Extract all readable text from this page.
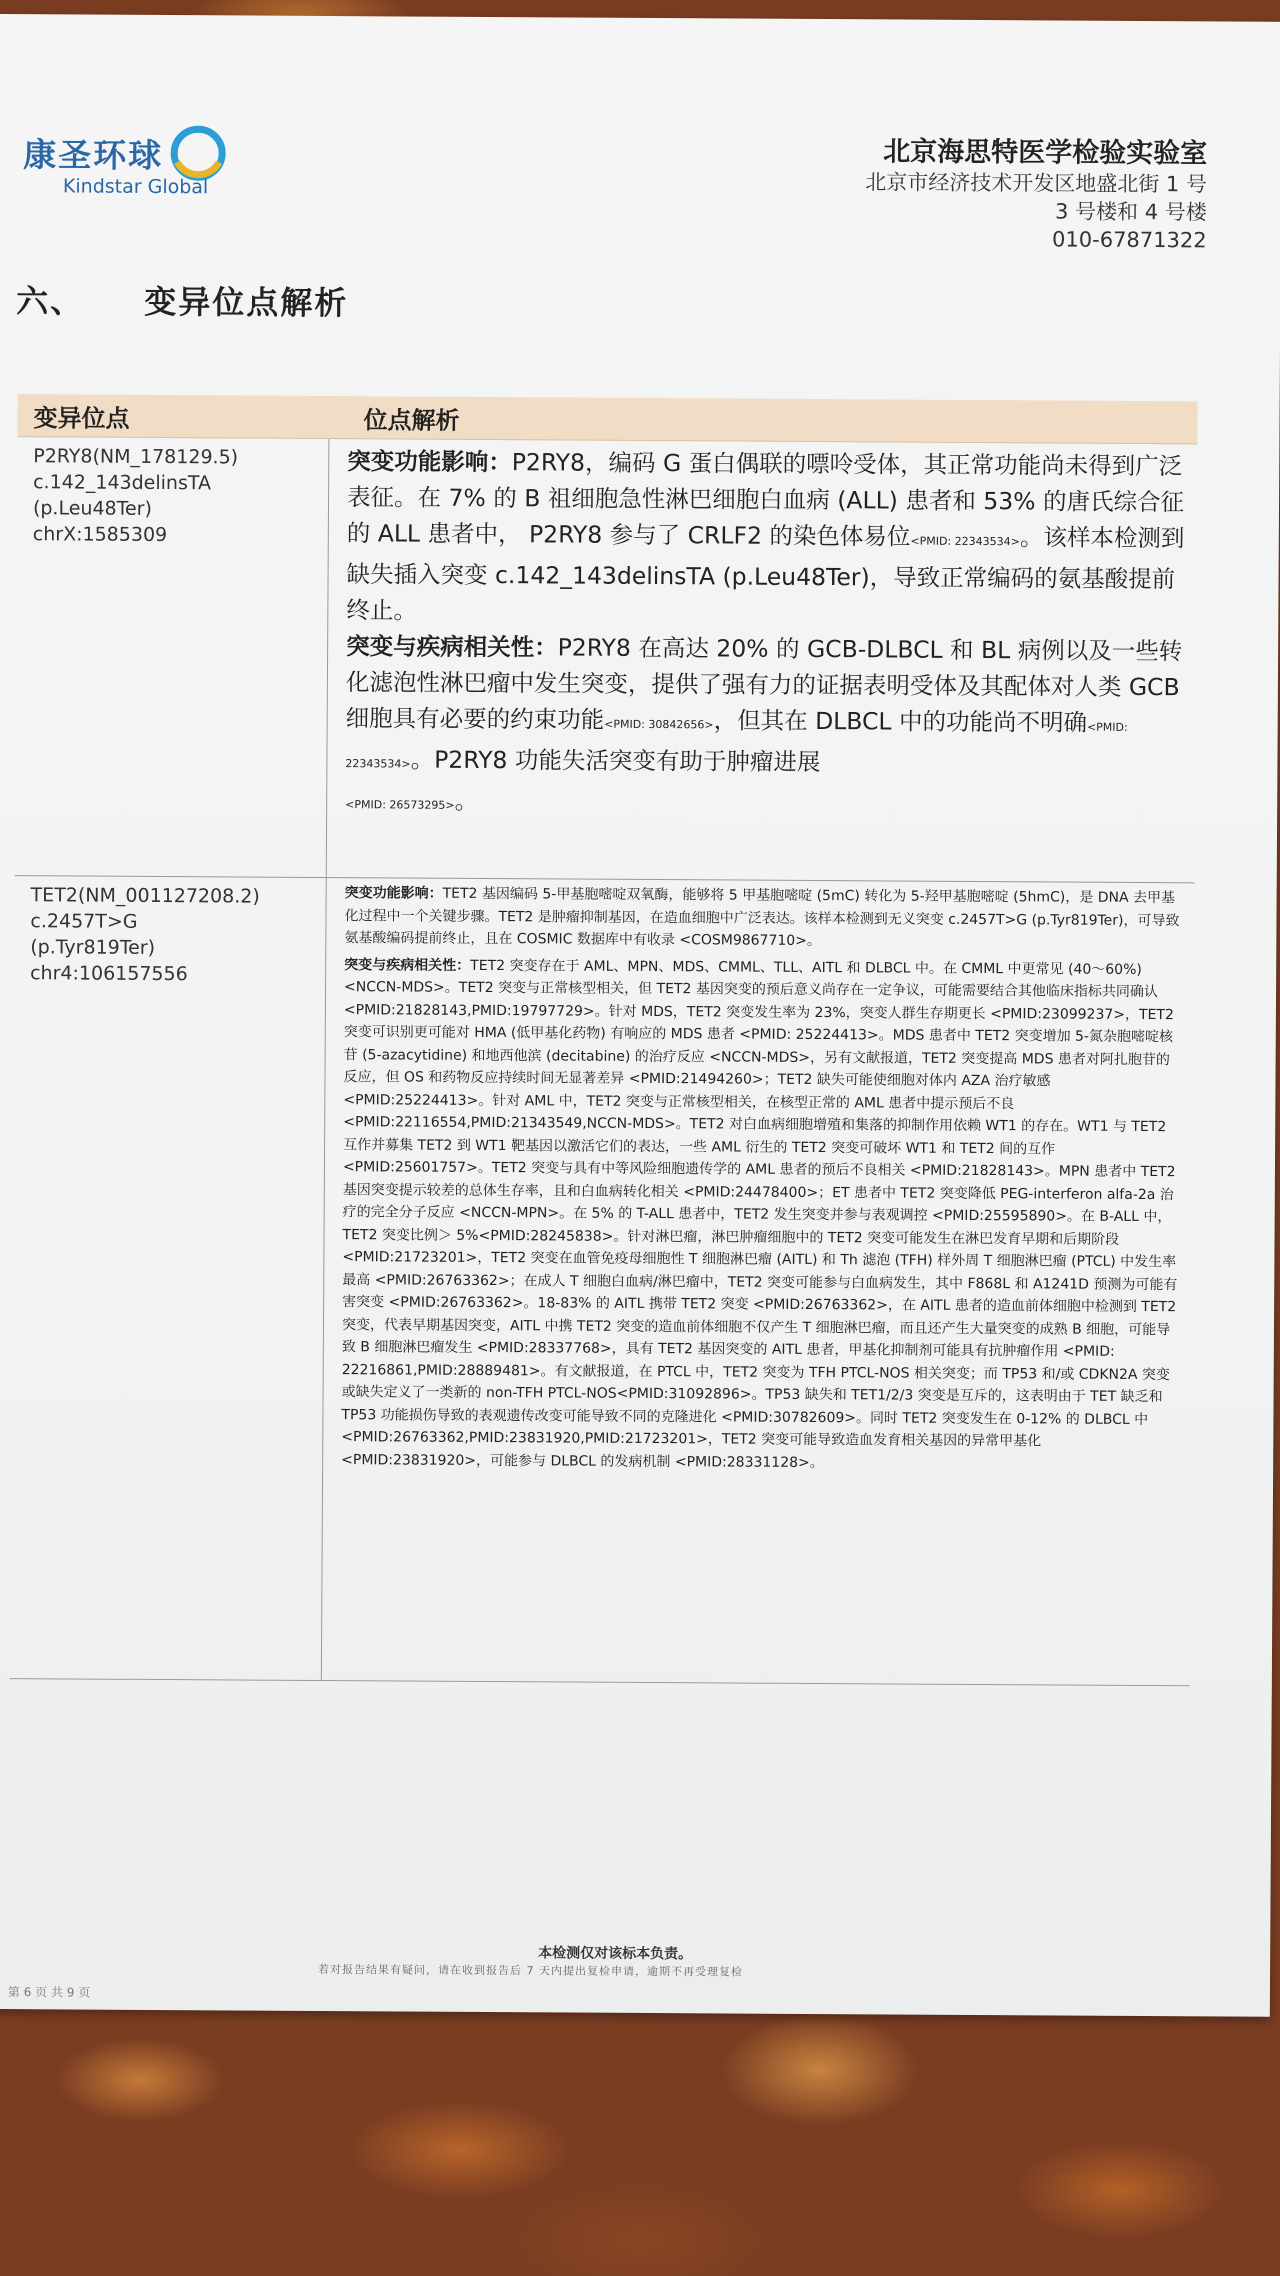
康圣环球
Kindstar Global
北京海思特医学检验实验室
北京市经济技术开发区地盛北街 1 号
3 号楼和 4 号楼
010-67871322
六、 变异位点解析
变异位点	位点解析
P2RY8(NM_178129.5)
c.142_143delinsTA
(p.Leu48Ter)
chrX:1585309

突变功能影响：P2RY8，编码 G 蛋白偶联的嘌呤受体，其正常功能尚未得到广泛表征。在 7% 的 B 祖细胞急性淋巴细胞白血病 (ALL) 患者和 53% 的唐氏综合征的 ALL 患者中， P2RY8 参与了 CRLF2 的染色体易位<PMID: 22343534>。该样本检测到缺失插入突变 c.142_143delinsTA (p.Leu48Ter)，导致正常编码的氨基酸提前终止。

突变与疾病相关性：P2RY8 在高达 20% 的 GCB-DLBCL 和 BL 病例以及一些转化滤泡性淋巴瘤中发生突变，提供了强有力的证据表明受体及其配体对人类 GCB 细胞具有必要的约束功能<PMID: 30842656>，但其在 DLBCL 中的功能尚不明确<PMID: 22343534>。P2RY8 功能失活突变有助于肿瘤进展
<PMID: 26573295>。

TET2(NM_001127208.2)
c.2457T>G
(p.Tyr819Ter)
chr4:106157556

突变功能影响：TET2 基因编码 5-甲基胞嘧啶双氧酶，能够将 5 甲基胞嘧啶 (5mC) 转化为 5-羟甲基胞嘧啶 (5hmC)，是 DNA 去甲基化过程中一个关键步骤。TET2 是肿瘤抑制基因，在造血细胞中广泛表达。该样本检测到无义突变 c.2457T>G (p.Tyr819Ter)，可导致氨基酸编码提前终止，且在 COSMIC 数据库中有收录 <COSM9867710>。

突变与疾病相关性：TET2 突变存在于 AML、MPN、MDS、CMML、TLL、AITL 和 DLBCL 中。在 CMML 中更常见 (40～60%) <NCCN-MDS>。TET2 突变与正常核型相关，但 TET2 基因突变的预后意义尚存在一定争议，可能需要结合其他临床指标共同确认 <PMID:21828143,PMID:19797729>。针对 MDS，TET2 突变发生率为 23%，突变人群生存期更长 <PMID:23099237>，TET2 突变可识别更可能对 HMA (低甲基化药物) 有响应的 MDS 患者 <PMID: 25224413>。MDS 患者中 TET2 突变增加 5-氮杂胞嘧啶核苷 (5-azacytidine) 和地西他滨 (decitabine) 的治疗反应 <NCCN-MDS>，另有文献报道，TET2 突变提高 MDS 患者对阿扎胞苷的反应，但 OS 和药物反应持续时间无显著差异 <PMID:21494260>；TET2 缺失可能使细胞对体内 AZA 治疗敏感 <PMID:25224413>。针对 AML 中，TET2 突变与正常核型相关，在核型正常的 AML 患者中提示预后不良 <PMID:22116554,PMID:21343549,NCCN-MDS>。TET2 对白血病细胞增殖和集落的抑制作用依赖 WT1 的存在。WT1 与 TET2 互作并募集 TET2 到 WT1 靶基因以激活它们的表达，一些 AML 衍生的 TET2 突变可破坏 WT1 和 TET2 间的互作 <PMID:25601757>。TET2 突变与具有中等风险细胞遗传学的 AML 患者的预后不良相关 <PMID:21828143>。MPN 患者中 TET2 基因突变提示较差的总体生存率，且和白血病转化相关 <PMID:24478400>；ET 患者中 TET2 突变降低 PEG-interferon alfa-2a 治疗的完全分子反应 <NCCN-MPN>。在 5% 的 T-ALL 患者中，TET2 发生突变并参与表观调控 <PMID:25595890>。在 B-ALL 中，TET2 突变比例＞ 5%<PMID:28245838>。针对淋巴瘤，淋巴肿瘤细胞中的 TET2 突变可能发生在淋巴发育早期和后期阶段 <PMID:21723201>，TET2 突变在血管免疫母细胞性 T 细胞淋巴瘤 (AITL) 和 Th 滤泡 (TFH) 样外周 T 细胞淋巴瘤 (PTCL) 中发生率最高 <PMID:26763362>；在成人 T 细胞白血病/淋巴瘤中，TET2 突变可能参与白血病发生，其中 F868L 和 A1241D 预测为可能有害突变 <PMID:26763362>。18-83% 的 AITL 携带 TET2 突变 <PMID:26763362>，在 AITL 患者的造血前体细胞中检测到 TET2 突变，代表早期基因突变，AITL 中携 TET2 突变的造血前体细胞不仅产生 T 细胞淋巴瘤，而且还产生大量突变的成熟 B 细胞，可能导致 B 细胞淋巴瘤发生 <PMID:28337768>，具有 TET2 基因突变的 AITL 患者，甲基化抑制剂可能具有抗肿瘤作用 <PMID: 22216861,PMID:28889481>。有文献报道，在 PTCL 中，TET2 突变为 TFH PTCL-NOS 相关突变；而 TP53 和/或 CDKN2A 突变或缺失定义了一类新的 non-TFH PTCL-NOS<PMID:31092896>。TP53 缺失和 TET1/2/3 突变是互斥的，这表明由于 TET 缺乏和 TP53 功能损伤导致的表观遗传改变可能导致不同的克隆进化 <PMID:30782609>。同时 TET2 突变发生在 0-12% 的 DLBCL 中 <PMID:26763362,PMID:23831920,PMID:21723201>，TET2 突变可能导致造血发育相关基因的异常甲基化 <PMID:23831920>，可能参与 DLBCL 的发病机制 <PMID:28331128>。

本检测仅对该标本负责。
若对报告结果有疑问，请在收到报告后 7 天内提出复检申请，逾期不再受理复检
第 6 页 共 9 页
